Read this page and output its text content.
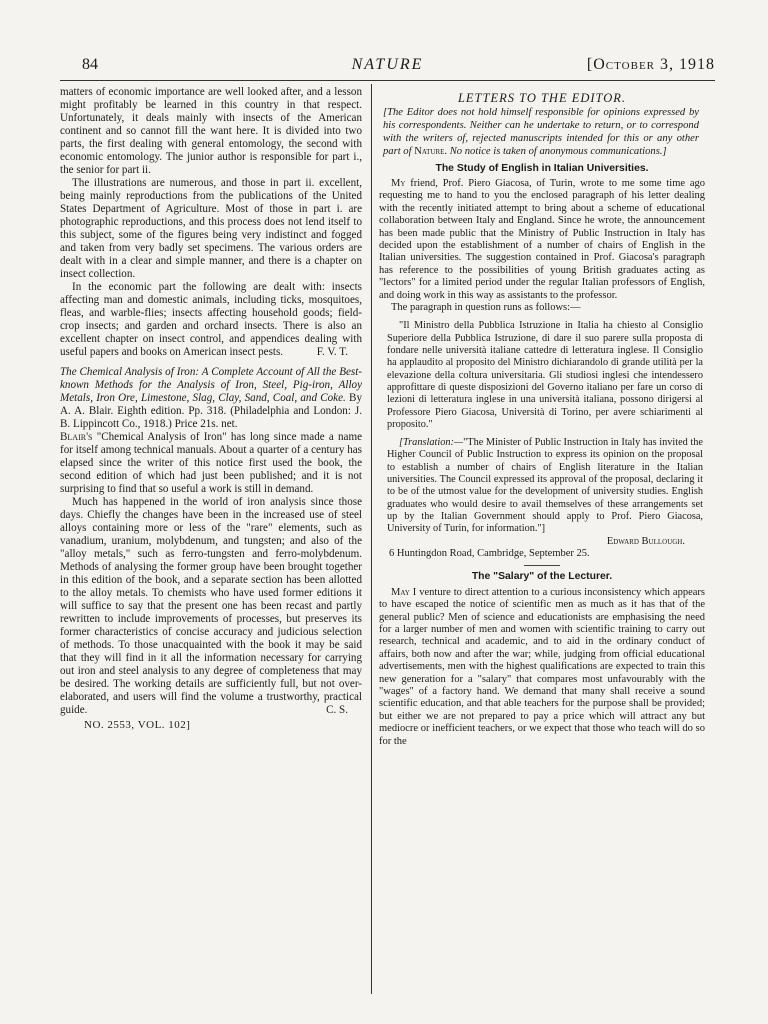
84	NATURE	[October 3, 1918

matters of economic importance are well looked after, and a lesson might profitably be learned in this country in that respect. Unfortunately, it deals mainly with insects of the American continent and so cannot fill the want here. It is divided into two parts, the first dealing with general entomology, the second with economic entomology. The junior author is responsible for part i., the senior for part ii.

The illustrations are numerous, and those in part ii. excellent, being mainly reproductions from the publications of the United States Department of Agriculture. Most of those in part i. are photographic reproductions, and this process does not lend itself to this subject, some of the figures being very indistinct and fogged and taken from very badly set specimens. The various orders are dealt with in a clear and simple manner, and there is a chapter on insect collection.

In the economic part the following are dealt with: insects affecting man and domestic animals, including ticks, mosquitoes, fleas, and warble-flies; insects affecting household goods; field-crop insects; and garden and orchard insects. There is also an excellent chapter on insect control, and appendices dealing with useful papers and books on American insect pests.	F. V. T.

The Chemical Analysis of Iron: A Complete Account of All the Best-known Methods for the Analysis of Iron, Steel, Pig-iron, Alloy Metals, Iron Ore, Limestone, Slag, Clay, Sand, Coal, and Coke. By A. A. Blair. Eighth edition. Pp. 318. (Philadelphia and London: J. B. Lippincott Co., 1918.) Price 21s. net.

Blair's "Chemical Analysis of Iron" has long since made a name for itself among technical manuals. About a quarter of a century has elapsed since the writer of this notice first used the book, the second edition of which had just been published; and it is not surprising to find that so useful a work is still in demand.

Much has happened in the world of iron analysis since those days. Chiefly the changes have been in the increased use of steel alloys containing more or less of the "rare" elements, such as vanadium, uranium, molybdenum, and tungsten; and also of the "alloy metals," such as ferro-tungsten and ferro-molybdenum. Methods of analysing the former group have been brought together in this edition of the book, and a separate section has been allotted to the alloy metals. To chemists who have used former editions it will suffice to say that the present one has been recast and partly rewritten to include improvements of processes, but preserves its former characteristics of concise accuracy and judicious selection of methods. To those unacquainted with the book it may be said that they will find in it all the information necessary for carrying out iron and steel analysis to any degree of completeness that may be desired. The working details are sufficiently full, but not over-elaborated, and users will find the volume a trustworthy, practical guide.	C. S.

NO. 2553, VOL. 102]
LETTERS TO THE EDITOR.

[The Editor does not hold himself responsible for opinions expressed by his correspondents. Neither can he undertake to return, or to correspond with the writers of, rejected manuscripts intended for this or any other part of Nature. No notice is taken of anonymous communications.]

The Study of English in Italian Universities.

My friend, Prof. Piero Giacosa, of Turin, wrote to me some time ago requesting me to hand to you the enclosed paragraph of his letter dealing with the recently initiated attempt to bring about a scheme of educational collaboration between Italy and England. Since he wrote, the announcement has been made public that the Ministry of Public Instruction in Italy has decided upon the establishment of a number of chairs of English in the Italian universities. The suggestion contained in Prof. Giacosa's paragraph has reference to the possibilities of young British graduates acting as "lectors" for a limited period under the regular Italian professors of English, and doing work in this way as assistants to the professor.

The paragraph in question runs as follows:—

"Il Ministro della Pubblica Istruzione in Italia ha chiesto al Consiglio Superiore della Pubblica Istruzione, di dare il suo parere sulla proposta di fondare nelle università italiane cattedre di letteratura inglese. Il Consiglio ha applaudito al proposito del Ministro dichiarandolo di grande utilità per la elevazione della coltura universitaria. Gli studiosi inglesi che intendessero approfittare di queste disposizioni del Governo italiano per fare un corso di lezioni di letteratura inglese in una università italiana, possono dirigersi al Professore Piero Giacosa, Università di Torino, per avere schiarimenti al proposito."

[Translation:—"The Minister of Public Instruction in Italy has invited the Higher Council of Public Instruction to express its opinion on the proposal to establish a number of chairs of English literature in the Italian universities. The Council expressed its approval of the proposal, declaring it to be of the utmost value for the development of university studies. English graduates who would desire to avail themselves of these arrangements set up by the Italian Government should apply to Prof. Piero Giacosa, University of Turin, for information."]

Edward Bullough.
6 Huntingdon Road, Cambridge, September 25.
The "Salary" of the Lecturer.

May I venture to direct attention to a curious inconsistency which appears to have escaped the notice of scientific men as much as it has that of the general public? Men of science and educationists are emphasising the need for a larger number of men and women with scientific training to carry out research, technical and academic, and to aid in the ordinary conduct of affairs, both now and after the war; while, judging from official educational advertisements, men with the highest qualifications are expected to train this new generation for a "salary" that compares most unfavourably with the "wages" of a factory hand. We demand that many shall receive a sound scientific education, and that able teachers for the purpose shall be provided; but either we are not prepared to pay a price which will attract any but mediocre or inefficient teachers, or we expect that those who teach will do so for the
